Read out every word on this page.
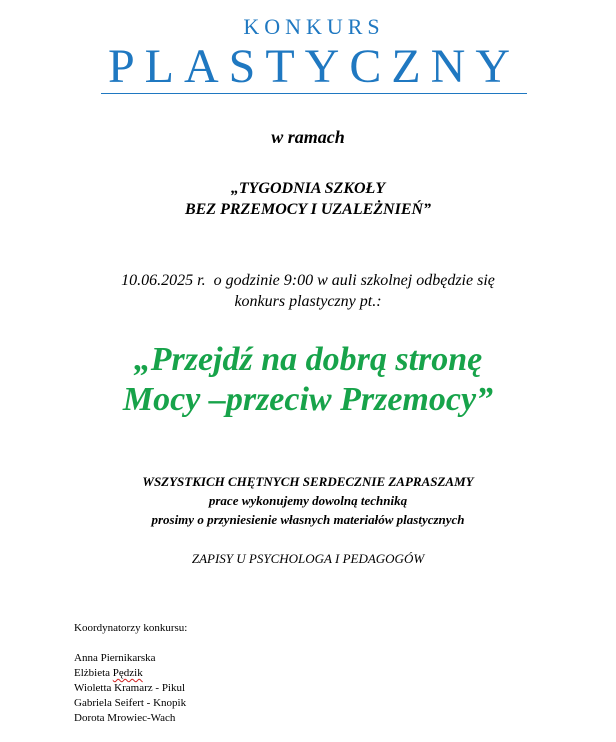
KONKURS
PLASTYCZNY
w ramach
„TYGODNIA SZKOŁY
BEZ PRZEMOCY I UZALEŻNIEŃ”
10.06.2025 r.  o godzinie 9:00 w auli szkolnej odbędzie się
konkurs plastyczny pt.:
„Przejdź na dobrą stronę
Mocy –przeciw Przemocy”
WSZYSTKICH CHĘTNYCH SERDECZNIE ZAPRASZAMY
prace wykonujemy dowolną techniką
prosimy o przyniesienie własnych materiałów plastycznych
ZAPISY U PSYCHOLOGA I PEDAGOGÓW
Koordynatorzy konkursu:
Anna Piernikarska
Elżbieta Pędzik
Wioletta Kramarz - Pikul
Gabriela Seifert - Knopik
Dorota Mrowiec-Wach
